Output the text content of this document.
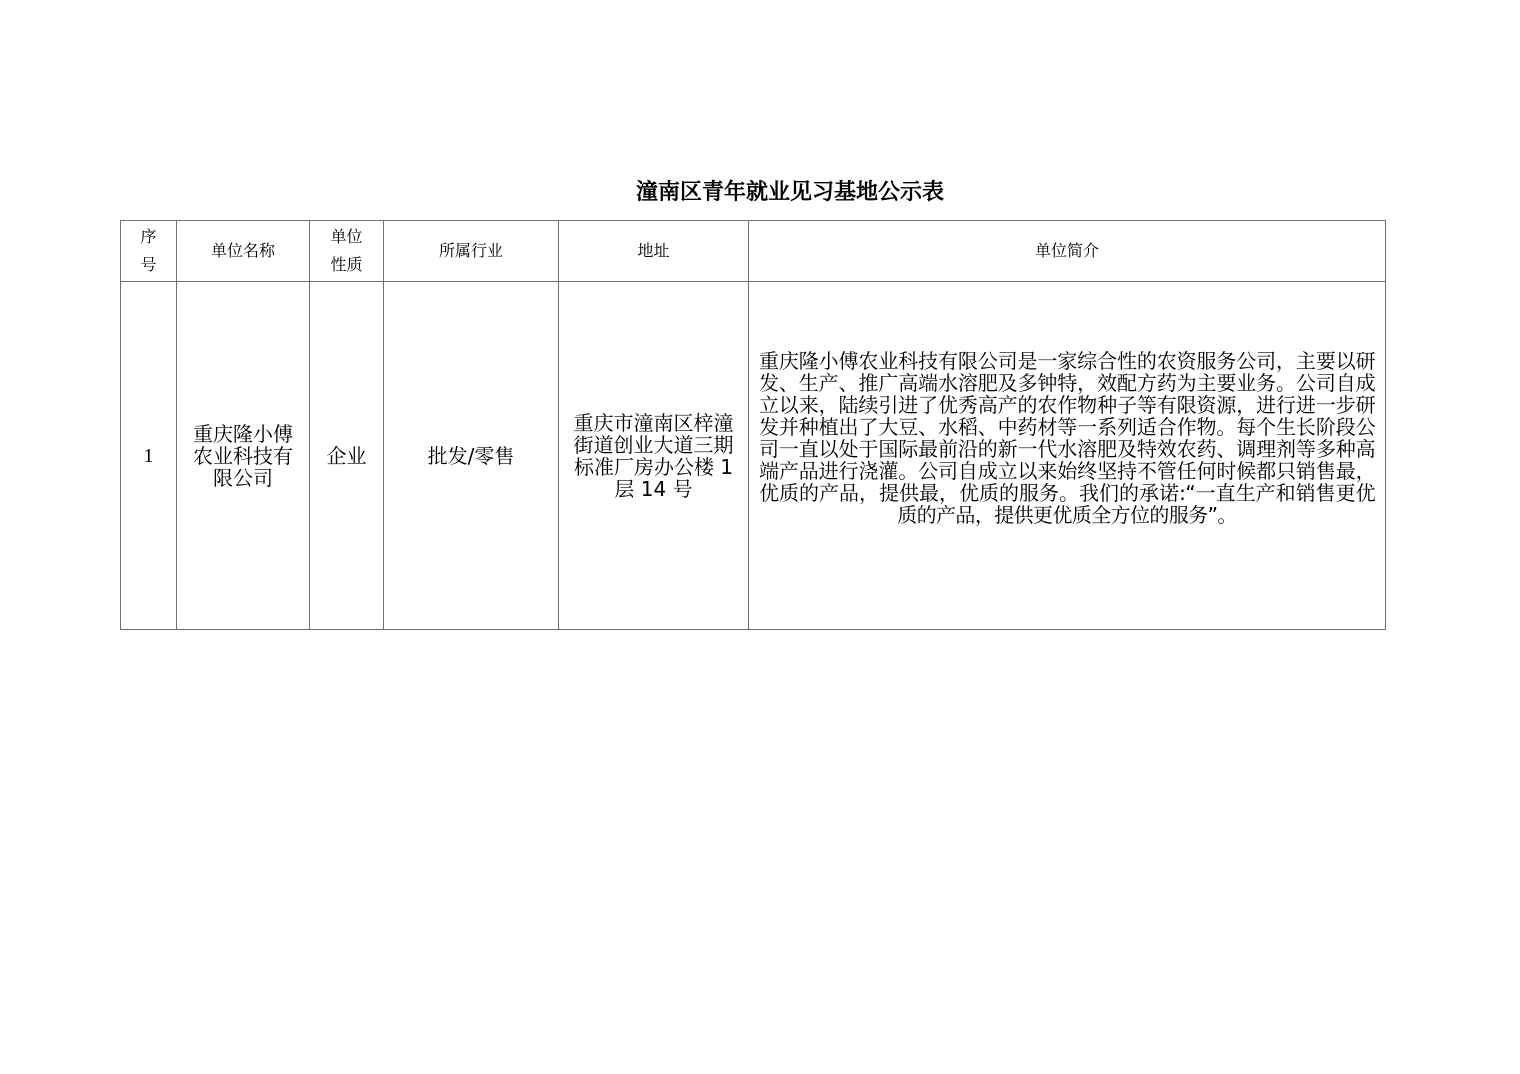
潼南区青年就业见习基地公示表
序号	单位名称	单位性质	所属行业	地址	单位简介
1	重庆隆小傅农业科技有限公司	企业	批发/零售	重庆市潼南区梓潼街道创业大道三期标准厂房办公楼 1 层 14 号	重庆隆小傅农业科技有限公司是一家综合性的农资服务公司，主要以研发、生产、推广高端水溶肥及多钟特，效配方药为主要业务。公司自成立以来，陆续引进了优秀高产的农作物种子等有限资源，进行进一步研发并种植出了大豆、水稻、中药材等一系列适合作物。每个生长阶段公司一直以处于国际最前沿的新一代水溶肥及特效农药、调理剂等多种高端产品进行浇灌。公司自成立以来始终坚持不管任何时候都只销售最，优质的产品，提供最，优质的服务。我们的承诺:“一直生产和销售更优质的产品，提供更优质全方位的服务”。
